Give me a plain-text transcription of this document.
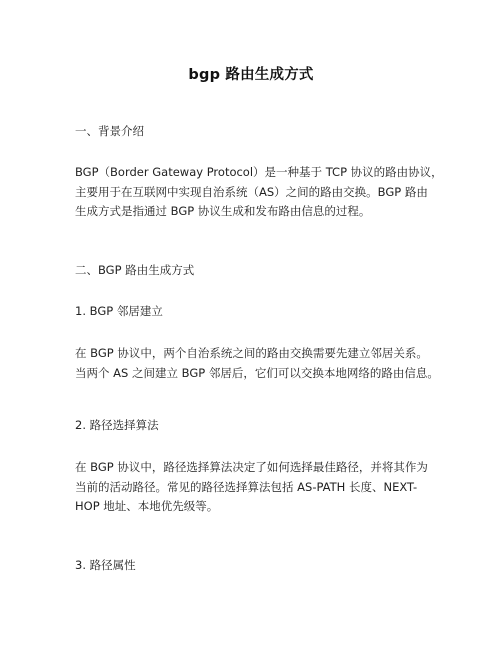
bgp 路由生成方式
一、背景介绍
BGP（Border Gateway Protocol）是一种基于 TCP 协议的路由协议，
主要用于在互联网中实现自治系统（AS）之间的路由交换。BGP 路由
生成方式是指通过 BGP 协议生成和发布路由信息的过程。
二、BGP 路由生成方式
1. BGP 邻居建立
在 BGP 协议中，两个自治系统之间的路由交换需要先建立邻居关系。
当两个 AS 之间建立 BGP 邻居后，它们可以交换本地网络的路由信息。
2. 路径选择算法
在 BGP 协议中，路径选择算法决定了如何选择最佳路径，并将其作为
当前的活动路径。常见的路径选择算法包括 AS-PATH 长度、NEXT-
HOP 地址、本地优先级等。
3. 路径属性
